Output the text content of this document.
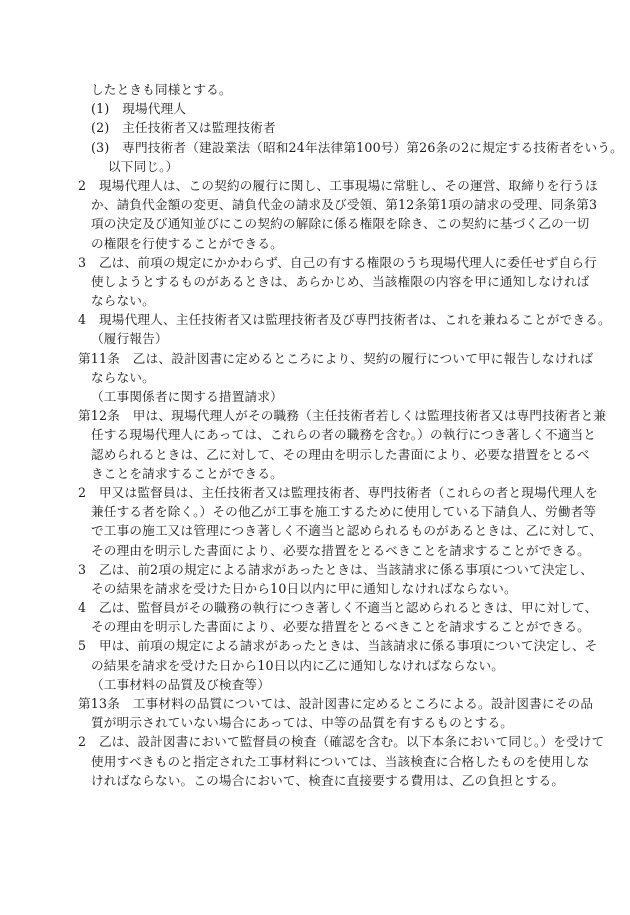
したときも同様とする。
(1)　現場代理人
(2)　主任技術者又は監理技術者
(3)　専門技術者（建設業法（昭和24年法律第100号）第26条の2に規定する技術者をいう。
以下同じ。）
2　現場代理人は、この契約の履行に関し、工事現場に常駐し、その運営、取締りを行うほ
か、請負代金額の変更、請負代金の請求及び受領、第12条第1項の請求の受理、同条第3
項の決定及び通知並びにこの契約の解除に係る権限を除き、この契約に基づく乙の一切
の権限を行使することができる。
3　乙は、前項の規定にかかわらず、自己の有する権限のうち現場代理人に委任せず自ら行
使しようとするものがあるときは、あらかじめ、当該権限の内容を甲に通知しなければ
ならない。
4　現場代理人、主任技術者又は監理技術者及び専門技術者は、これを兼ねることができる。
（履行報告）
第11条　乙は、設計図書に定めるところにより、契約の履行について甲に報告しなければ
ならない。
（工事関係者に関する措置請求）
第12条　甲は、現場代理人がその職務（主任技術者若しくは監理技術者又は専門技術者と兼
任する現場代理人にあっては、これらの者の職務を含む。）の執行につき著しく不適当と
認められるときは、乙に対して、その理由を明示した書面により、必要な措置をとるべ
きことを請求することができる。
2　甲又は監督員は、主任技術者又は監理技術者、専門技術者（これらの者と現場代理人を
兼任する者を除く。）その他乙が工事を施工するために使用している下請負人、労働者等
で工事の施工又は管理につき著しく不適当と認められるものがあるときは、乙に対して、
その理由を明示した書面により、必要な措置をとるべきことを請求することができる。
3　乙は、前2項の規定による請求があったときは、当該請求に係る事項について決定し、
その結果を請求を受けた日から10日以内に甲に通知しなければならない。
4　乙は、監督員がその職務の執行につき著しく不適当と認められるときは、甲に対して、
その理由を明示した書面により、必要な措置をとるべきことを請求することができる。
5　甲は、前項の規定による請求があったときは、当該請求に係る事項について決定し、そ
の結果を請求を受けた日から10日以内に乙に通知しなければならない。
（工事材料の品質及び検査等）
第13条　工事材料の品質については、設計図書に定めるところによる。設計図書にその品
質が明示されていない場合にあっては、中等の品質を有するものとする。
2　乙は、設計図書において監督員の検査（確認を含む。以下本条において同じ。）を受けて
使用すべきものと指定された工事材料については、当該検査に合格したものを使用しな
ければならない。この場合において、検査に直接要する費用は、乙の負担とする。
